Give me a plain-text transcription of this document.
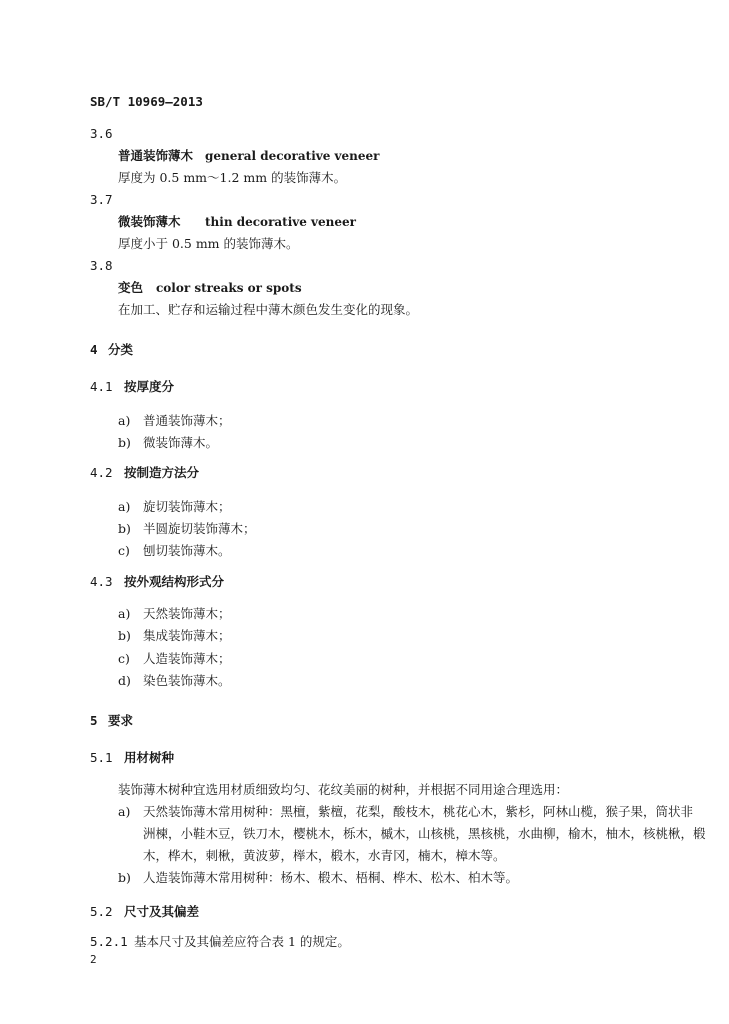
SB/T 10969—2013
3.6
普通装饰薄木 general decorative veneer
厚度为 0.5 mm～1.2 mm 的装饰薄木。
3.7
微装饰薄木 thin decorative veneer
厚度小于 0.5 mm 的装饰薄木。
3.8
变色 color streaks or spots
在加工、贮存和运输过程中薄木颜色发生变化的现象。
4 分类
4.1 按厚度分
a) 普通装饰薄木；
b) 微装饰薄木。
4.2 按制造方法分
a) 旋切装饰薄木；
b) 半圆旋切装饰薄木；
c) 刨切装饰薄木。
4.3 按外观结构形式分
a) 天然装饰薄木；
b) 集成装饰薄木；
c) 人造装饰薄木；
d) 染色装饰薄木。
5 要求
5.1 用材树种
装饰薄木树种宜选用材质细致均匀、花纹美丽的树种，并根据不同用途合理选用：
a) 天然装饰薄木常用树种：黑檀，紫檀，花梨，酸枝木，桃花心木，紫杉，阿林山榄，猴子果，筒状非
洲楝，小鞋木豆，铁刀木，樱桃木，栎木，槭木，山核桃，黑核桃，水曲柳，榆木，柚木，核桃楸，椴
木，桦木，刺楸，黄波萝，榉木，椴木，水青冈，楠木，樟木等。
b) 人造装饰薄木常用树种：杨木、椴木、梧桐、桦木、松木、柏木等。
5.2 尺寸及其偏差
5.2.1 基本尺寸及其偏差应符合表 1 的规定。
2
